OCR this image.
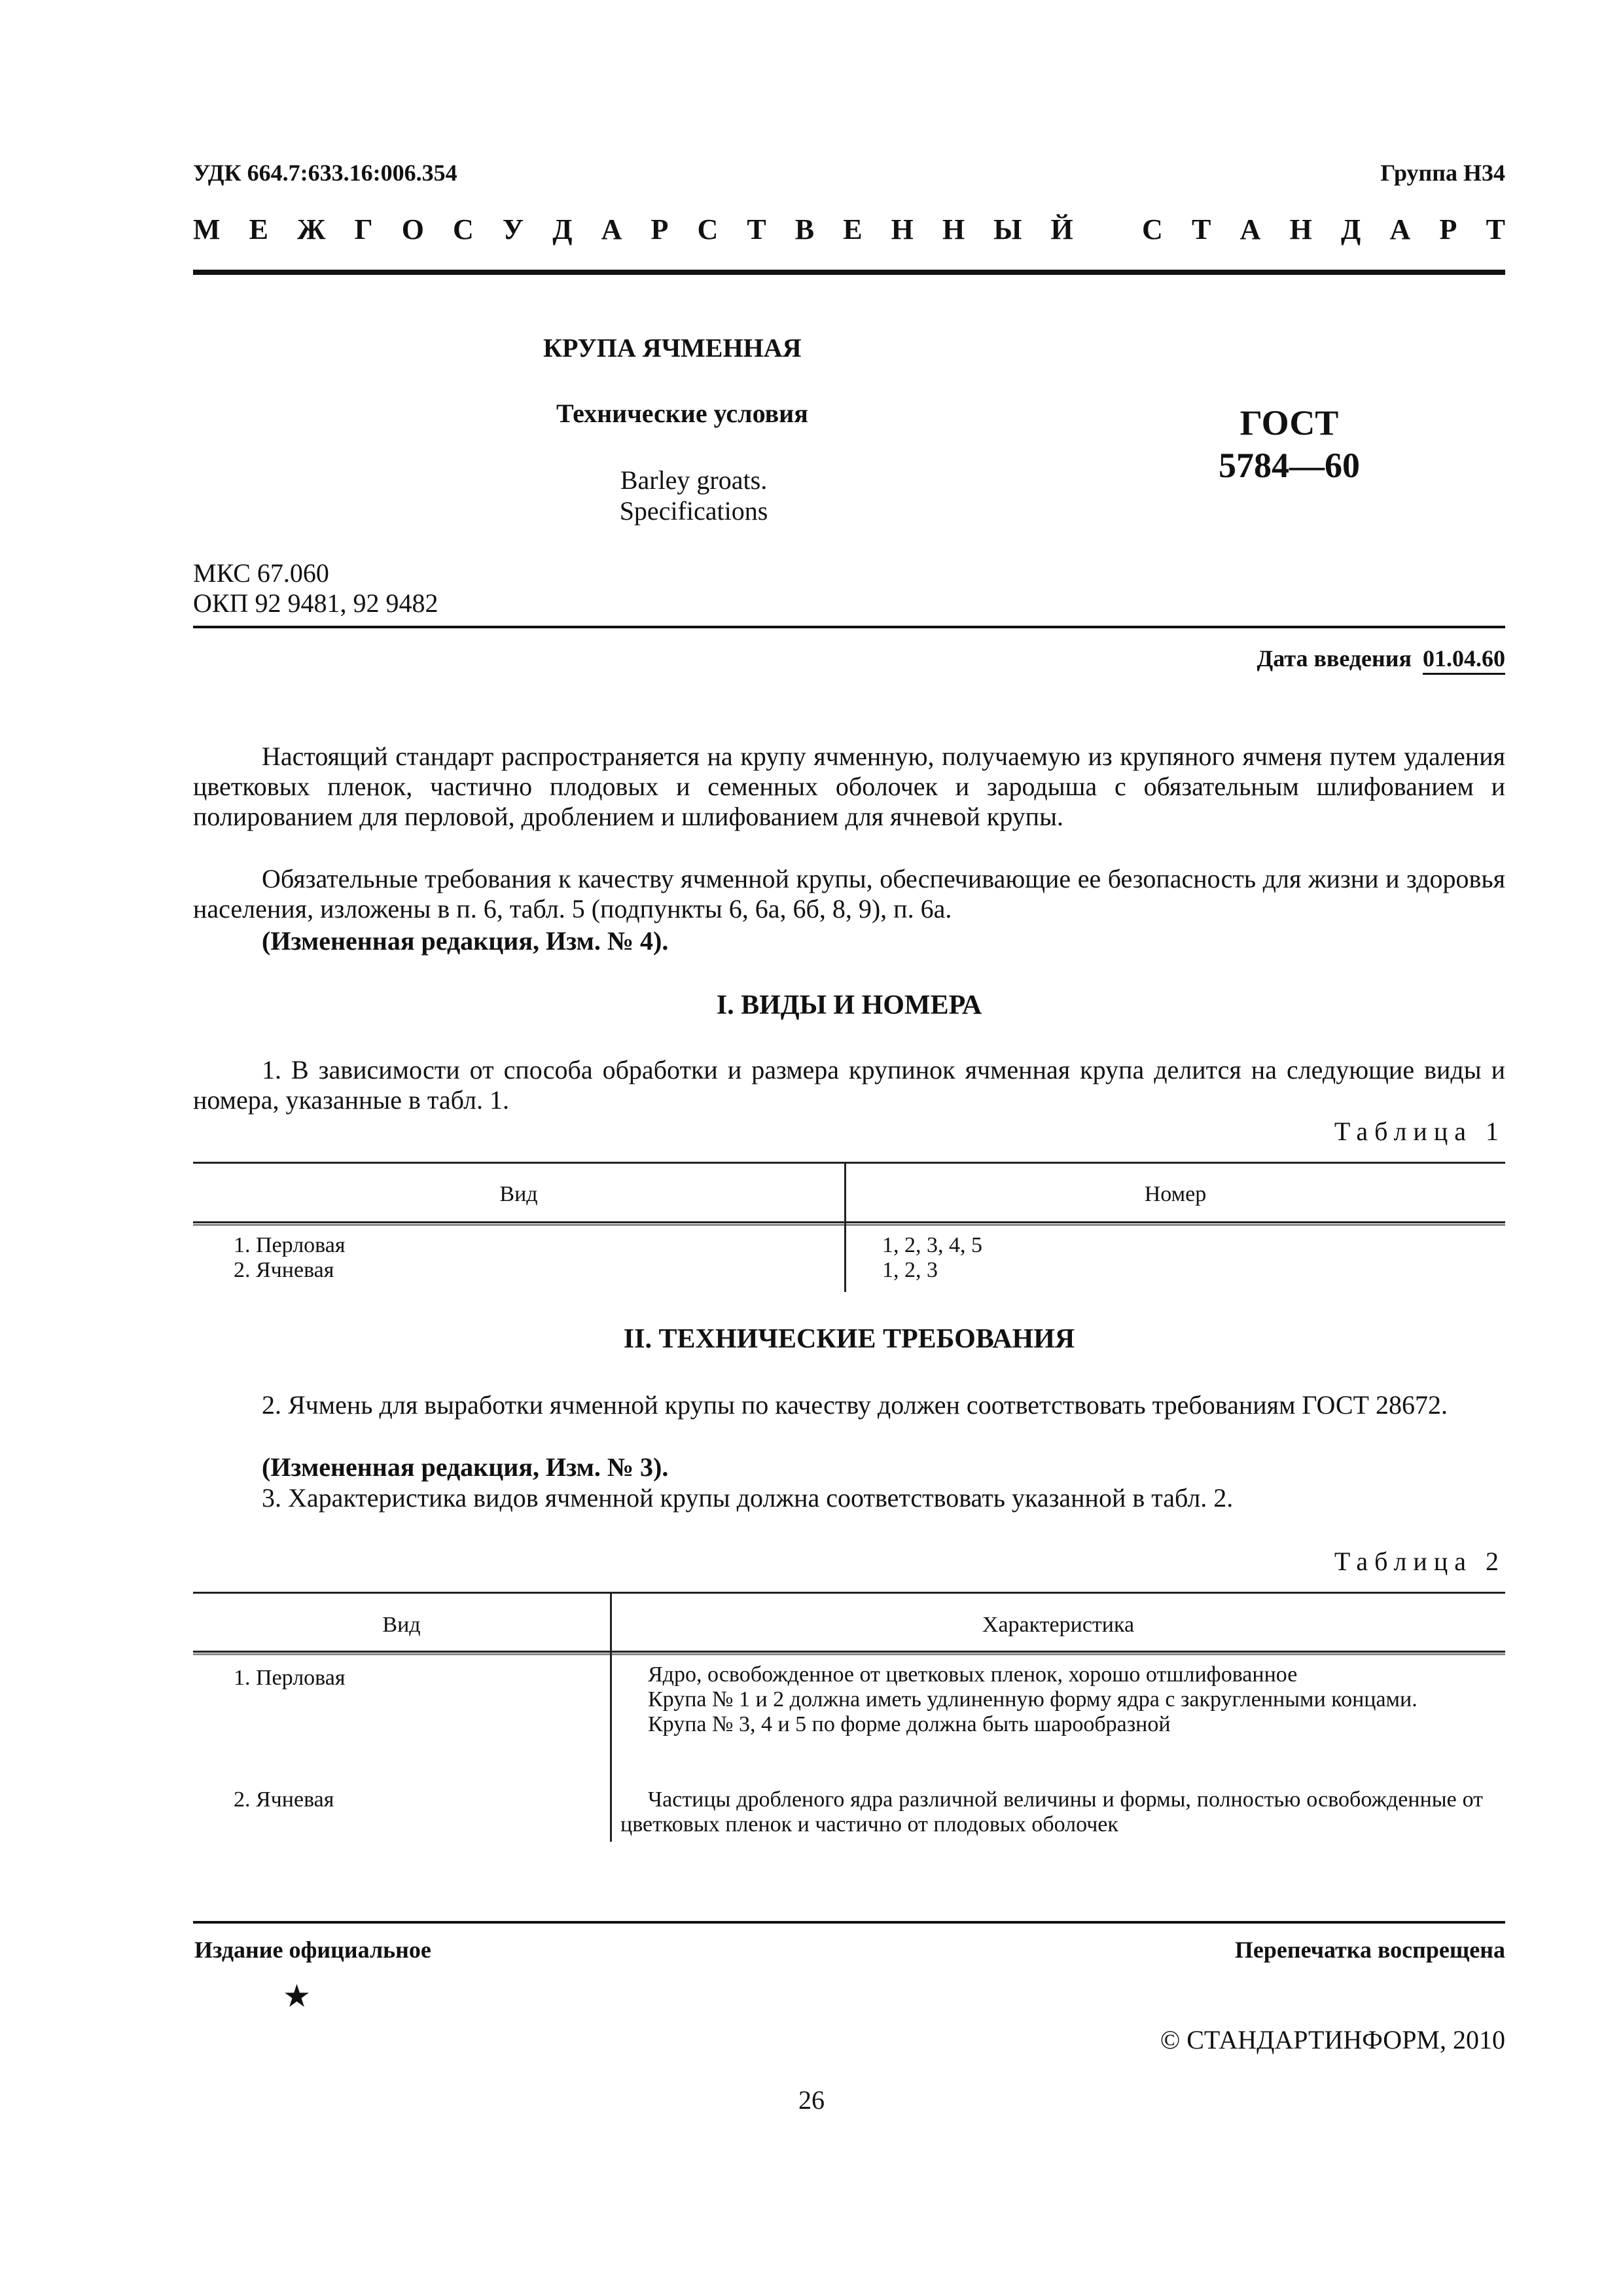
УДК 664.7:633.16:006.354	Группа Н34
М Е Ж Г О С У Д А Р С Т В Е Н Н Ы Й С Т А Н Д А Р Т
КРУПА ЯЧМЕННАЯ
Технические условия
Barley groats.
Specifications
ГОСТ
5784—60
МКС 67.060
ОКП 92 9481, 92 9482
Дата введения 01.04.60
Настоящий стандарт распространяется на крупу ячменную, получаемую из крупяного ячменя путем удаления цветковых пленок, частично плодовых и семенных оболочек и зародыша с обязательным шлифованием и полированием для перловой, дроблением и шлифованием для ячневой крупы.
Обязательные требования к качеству ячменной крупы, обеспечивающие ее безопасность для жизни и здоровья населения, изложены в п. 6, табл. 5 (подпункты 6, 6а, 6б, 8, 9), п. 6а.
(Измененная редакция, Изм. № 4).
I. ВИДЫ И НОМЕРА
1. В зависимости от способа обработки и размера крупинок ячменная крупа делится на следующие виды и номера, указанные в табл. 1.
Таблица 1
Вид	Номер
1. Перловая	1, 2, 3, 4, 5
2. Ячневая	1, 2, 3
II. ТЕХНИЧЕСКИЕ ТРЕБОВАНИЯ
2. Ячмень для выработки ячменной крупы по качеству должен соответствовать требованиям ГОСТ 28672.
(Измененная редакция, Изм. № 3).
3. Характеристика видов ячменной крупы должна соответствовать указанной в табл. 2.
Таблица 2
Вид	Характеристика
1. Перловая	Ядро, освобожденное от цветковых пленок, хорошо отшлифованное
Крупа № 1 и 2 должна иметь удлиненную форму ядра с закругленными концами.
Крупа № 3, 4 и 5 по форме должна быть шарообразной
2. Ячневая	Частицы дробленого ядра различной величины и формы, полностью освобожденные от цветковых пленок и частично от плодовых оболочек
Издание официальное	Перепечатка воспрещена
★
© СТАНДАРТИНФОРМ, 2010
26
